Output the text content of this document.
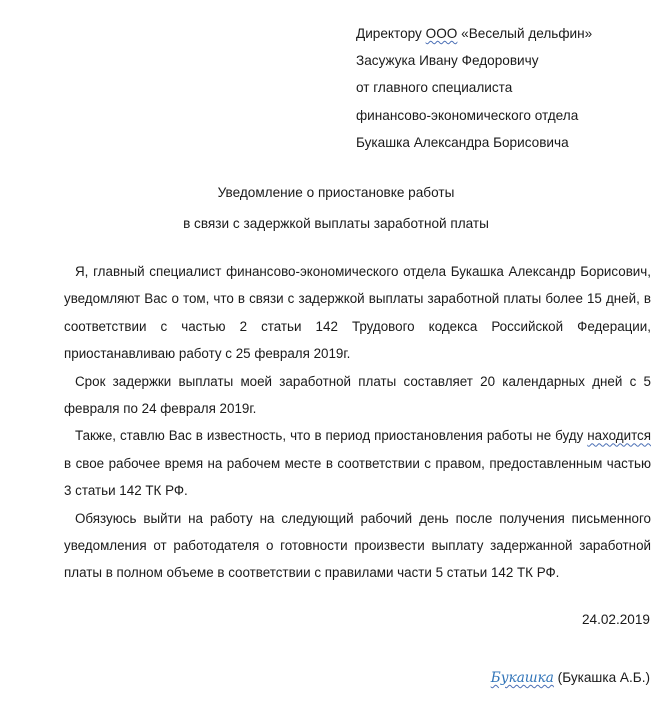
Директору ООО «Веселый дельфин»
Засужука Ивану Федоровичу
от главного специалиста
финансово-экономического отдела
Букашка Александра Борисовича
Уведомление о приостановке работы
в связи с задержкой выплаты заработной платы

Я, главный специалист финансово-экономического отдела Букашка Александр Борисович, уведомляют Вас о том, что в связи с задержкой выплаты заработной платы более 15 дней, в соответствии с частью 2 статьи 142 Трудового кодекса Российской Федерации, приостанавливаю работу с 25 февраля 2019г.

Срок задержки выплаты моей заработной платы составляет 20 календарных дней с 5 февраля по 24 февраля 2019г.

Также, ставлю Вас в известность, что в период приостановления работы не буду находится в свое рабочее время на рабочем месте в соответствии с правом, предоставленным частью 3 статьи 142 ТК РФ.

Обязуюсь выйти на работу на следующий рабочий день после получения письменного уведомления от работодателя о готовности произвести выплату задержанной заработной платы в полном объеме в соответствии с правилами части 5 статьи 142 ТК РФ.

24.02.2019
Букашка (Букашка А.Б.)
